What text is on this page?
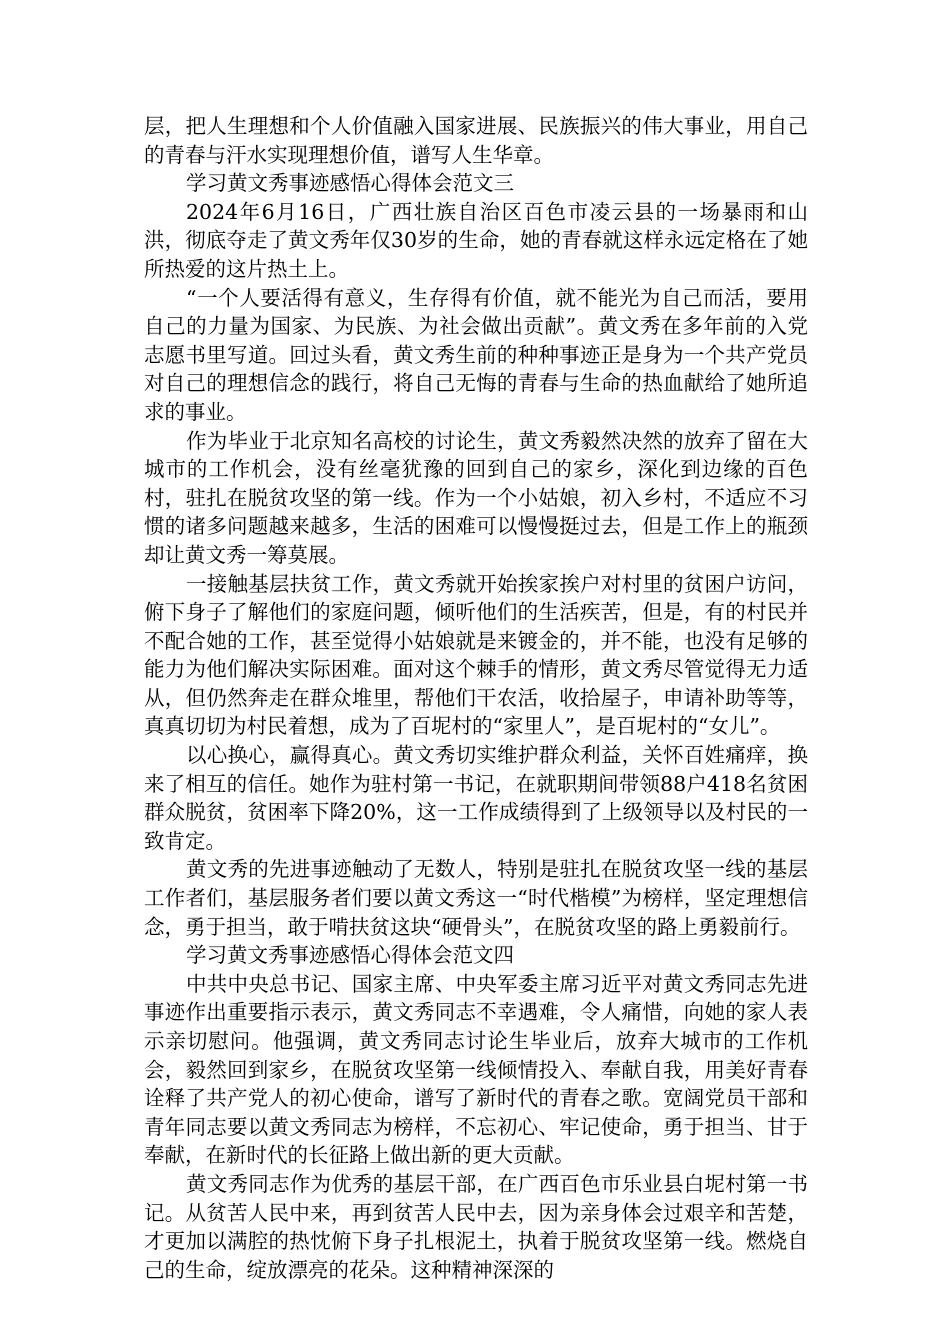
层，把人生理想和个人价值融入国家进展、民族振兴的伟大事业，用自己的青春与汗水实现理想价值，谱写人生华章。

学习黄文秀事迹感悟心得体会范文三

2024年6月16日，广西壮族自治区百色市凌云县的一场暴雨和山洪，彻底夺走了黄文秀年仅30岁的生命，她的青春就这样永远定格在了她所热爱的这片热土上。

“一个人要活得有意义，生存得有价值，就不能光为自己而活，要用自己的力量为国家、为民族、为社会做出贡献”。黄文秀在多年前的入党志愿书里写道。回过头看，黄文秀生前的种种事迹正是身为一个共产党员对自己的理想信念的践行，将自己无悔的青春与生命的热血献给了她所追求的事业。

作为毕业于北京知名高校的讨论生，黄文秀毅然决然的放弃了留在大城市的工作机会，没有丝毫犹豫的回到自己的家乡，深化到边缘的百色村，驻扎在脱贫攻坚的第一线。作为一个小姑娘，初入乡村，不适应不习惯的诸多问题越来越多，生活的困难可以慢慢挺过去，但是工作上的瓶颈却让黄文秀一筹莫展。

一接触基层扶贫工作，黄文秀就开始挨家挨户对村里的贫困户访问，俯下身子了解他们的家庭问题，倾听他们的生活疾苦，但是，有的村民并不配合她的工作，甚至觉得小姑娘就是来镀金的，并不能，也没有足够的能力为他们解决实际困难。面对这个棘手的情形，黄文秀尽管觉得无力适从，但仍然奔走在群众堆里，帮他们干农活，收拾屋子，申请补助等等，真真切切为村民着想，成为了百坭村的“家里人”，是百坭村的“女儿”。

以心换心，赢得真心。黄文秀切实维护群众利益，关怀百姓痛痒，换来了相互的信任。她作为驻村第一书记，在就职期间带领88户418名贫困群众脱贫，贫困率下降20%，这一工作成绩得到了上级领导以及村民的一致肯定。

黄文秀的先进事迹触动了无数人，特别是驻扎在脱贫攻坚一线的基层工作者们，基层服务者们要以黄文秀这一“时代楷模”为榜样，坚定理想信念，勇于担当，敢于啃扶贫这块“硬骨头”，在脱贫攻坚的路上勇毅前行。

学习黄文秀事迹感悟心得体会范文四

中共中央总书记、国家主席、中央军委主席习近平对黄文秀同志先进事迹作出重要指示表示，黄文秀同志不幸遇难，令人痛惜，向她的家人表示亲切慰问。他强调，黄文秀同志讨论生毕业后，放弃大城市的工作机会，毅然回到家乡，在脱贫攻坚第一线倾情投入、奉献自我，用美好青春诠释了共产党人的初心使命，谱写了新时代的青春之歌。宽阔党员干部和青年同志要以黄文秀同志为榜样，不忘初心、牢记使命，勇于担当、甘于奉献，在新时代的长征路上做出新的更大贡献。

黄文秀同志作为优秀的基层干部，在广西百色市乐业县白坭村第一书记。从贫苦人民中来，再到贫苦人民中去，因为亲身体会过艰辛和苦楚，才更加以满腔的热忱俯下身子扎根泥土，执着于脱贫攻坚第一线。燃烧自己的生命，绽放漂亮的花朵。这种精神深深的
